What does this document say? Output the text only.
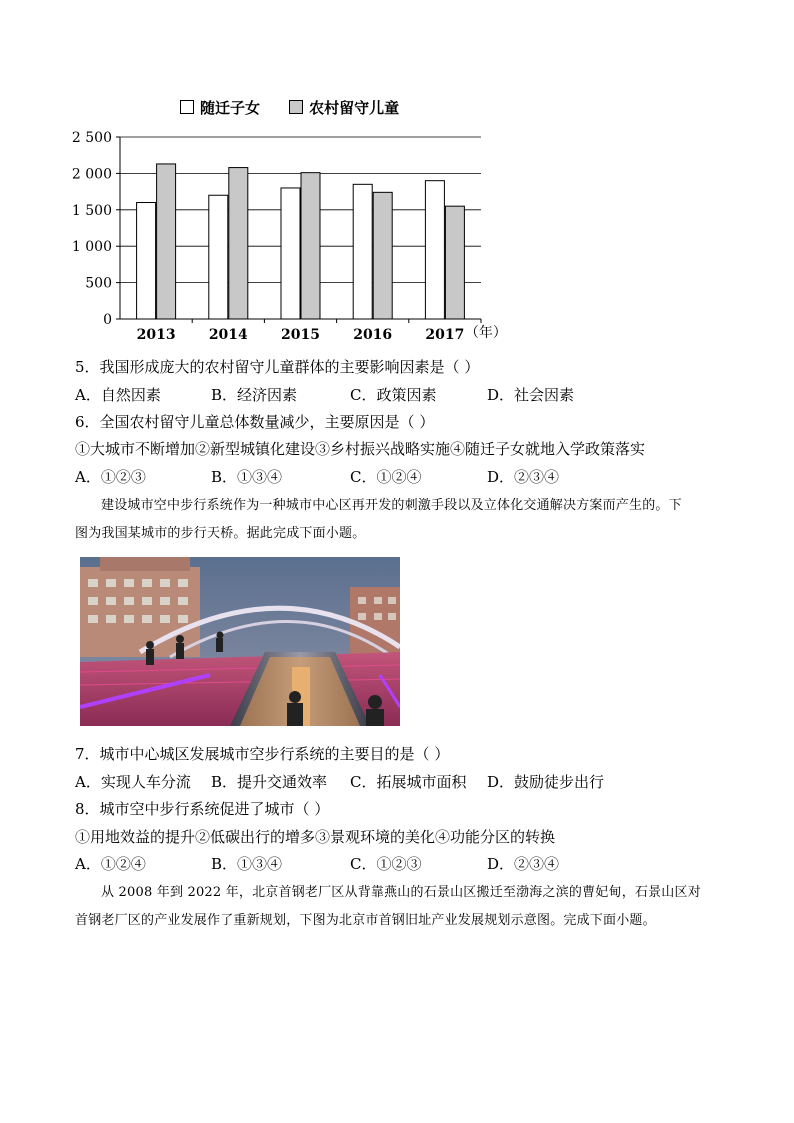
随迁子女	农村留守儿童
0
500
1 000
1 500
2 000
2 500
2013 2014 2015 2016 2017 （年）
5．我国形成庞大的农村留守儿童群体的主要影响因素是（ ）
A．自然因素	B．经济因素	C．政策因素	D．社会因素
6．全国农村留守儿童总体数量减少，主要原因是（ ）
①大城市不断增加②新型城镇化建设③乡村振兴战略实施④随迁子女就地入学政策落实
A．①②③	B．①③④	C．①②④	D．②③④
建设城市空中步行系统作为一种城市中心区再开发的刺激手段以及立体化交通解决方案而产生的。下
图为我国某城市的步行天桥。据此完成下面小题。
7．城市中心城区发展城市空步行系统的主要目的是（ ）
A．实现人车分流 B．提升交通效率 C．拓展城市面积 D．鼓励徒步出行
8．城市空中步行系统促进了城市（ ）
①用地效益的提升②低碳出行的增多③景观环境的美化④功能分区的转换
A．①②④	B．①③④	C．①②③	D．②③④
从 2008 年到 2022 年，北京首钢老厂区从背靠燕山的石景山区搬迁至渤海之滨的曹妃甸，石景山区对
首钢老厂区的产业发展作了重新规划，下图为北京市首钢旧址产业发展规划示意图。完成下面小题。
